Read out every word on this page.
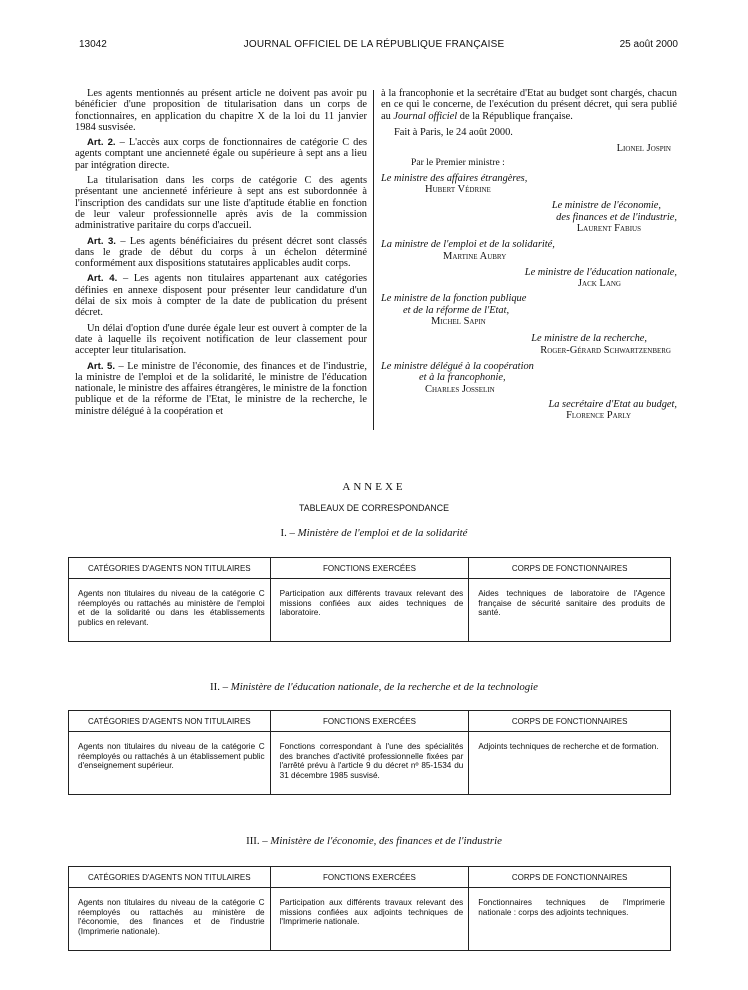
13042	JOURNAL OFFICIEL DE LA RÉPUBLIQUE FRANÇAISE	25 août 2000

Les agents mentionnés au présent article ne doivent pas avoir pu bénéficier d'une proposition de titularisation dans un corps de fonctionnaires, en application du chapitre X de la loi du 11 janvier 1984 susvisée.

Art. 2. – L'accès aux corps de fonctionnaires de catégorie C des agents comptant une ancienneté égale ou supérieure à sept ans a lieu par intégration directe.

La titularisation dans les corps de catégorie C des agents présentant une ancienneté inférieure à sept ans est subordonnée à l'inscription des candidats sur une liste d'aptitude établie en fonction de leur valeur professionnelle après avis de la commission administrative paritaire du corps d'accueil.

Art. 3. – Les agents bénéficiaires du présent décret sont classés dans le grade de début du corps à un échelon déterminé conformément aux dispositions statutaires applicables audit corps.

Art. 4. – Les agents non titulaires appartenant aux catégories définies en annexe disposent pour présenter leur candidature d'un délai de six mois à compter de la date de publication du présent décret.

Un délai d'option d'une durée égale leur est ouvert à compter de la date à laquelle ils reçoivent notification de leur classement pour accepter leur titularisation.

Art. 5. – Le ministre de l'économie, des finances et de l'industrie, la ministre de l'emploi et de la solidarité, le ministre de l'éducation nationale, le ministre des affaires étrangères, le ministre de la fonction publique et de la réforme de l'Etat, le ministre de la recherche, le ministre délégué à la coopération et

à la francophonie et la secrétaire d'Etat au budget sont chargés, chacun en ce qui le concerne, de l'exécution du présent décret, qui sera publié au Journal officiel de la République française.

Fait à Paris, le 24 août 2000.

Lionel Jospin

Par le Premier ministre :

Le ministre des affaires étrangères,

Hubert Védrine

Le ministre de l'économie,

des finances et de l'industrie,

Laurent Fabius

La ministre de l'emploi et de la solidarité,

Martine Aubry

Le ministre de l'éducation nationale,

Jack Lang

Le ministre de la fonction publique

et de la réforme de l'Etat,

Michel Sapin

Le ministre de la recherche,

Roger-Gérard Schwartzenberg

Le ministre délégué à la coopération

et à la francophonie,

Charles Josselin

La secrétaire d'Etat au budget,

Florence Parly

ANNEXE
TABLEAUX DE CORRESPONDANCE
I. – Ministère de l'emploi et de la solidarité
CATÉGORIES D'AGENTS NON TITULAIRES	FONCTIONS EXERCÉES	CORPS DE FONCTIONNAIRES
Agents non titulaires du niveau de la catégorie C réemployés ou rattachés au ministère de l'emploi et de la solidarité ou dans les établissements publics en relevant.	Participation aux différents travaux relevant des missions confiées aux aides techniques de laboratoire.	Aides techniques de laboratoire de l'Agence française de sécurité sanitaire des produits de santé.
II. – Ministère de l'éducation nationale, de la recherche et de la technologie
CATÉGORIES D'AGENTS NON TITULAIRES	FONCTIONS EXERCÉES	CORPS DE FONCTIONNAIRES
Agents non titulaires du niveau de la catégorie C réemployés ou rattachés à un établissement public d'enseignement supérieur.	Fonctions correspondant à l'une des spécialités des branches d'activité professionnelle fixées par l'arrêté prévu à l'article 9 du décret nº 85-1534 du 31 décembre 1985 susvisé.	Adjoints techniques de recherche et de formation.
III. – Ministère de l'économie, des finances et de l'industrie
CATÉGORIES D'AGENTS NON TITULAIRES	FONCTIONS EXERCÉES	CORPS DE FONCTIONNAIRES
Agents non titulaires du niveau de la catégorie C réemployés ou rattachés au ministère de l'économie, des finances et de l'industrie (Imprimerie nationale).	Participation aux différents travaux relevant des missions confiées aux adjoints techniques de l'Imprimerie nationale.	Fonctionnaires techniques de l'Imprimerie nationale : corps des adjoints techniques.
